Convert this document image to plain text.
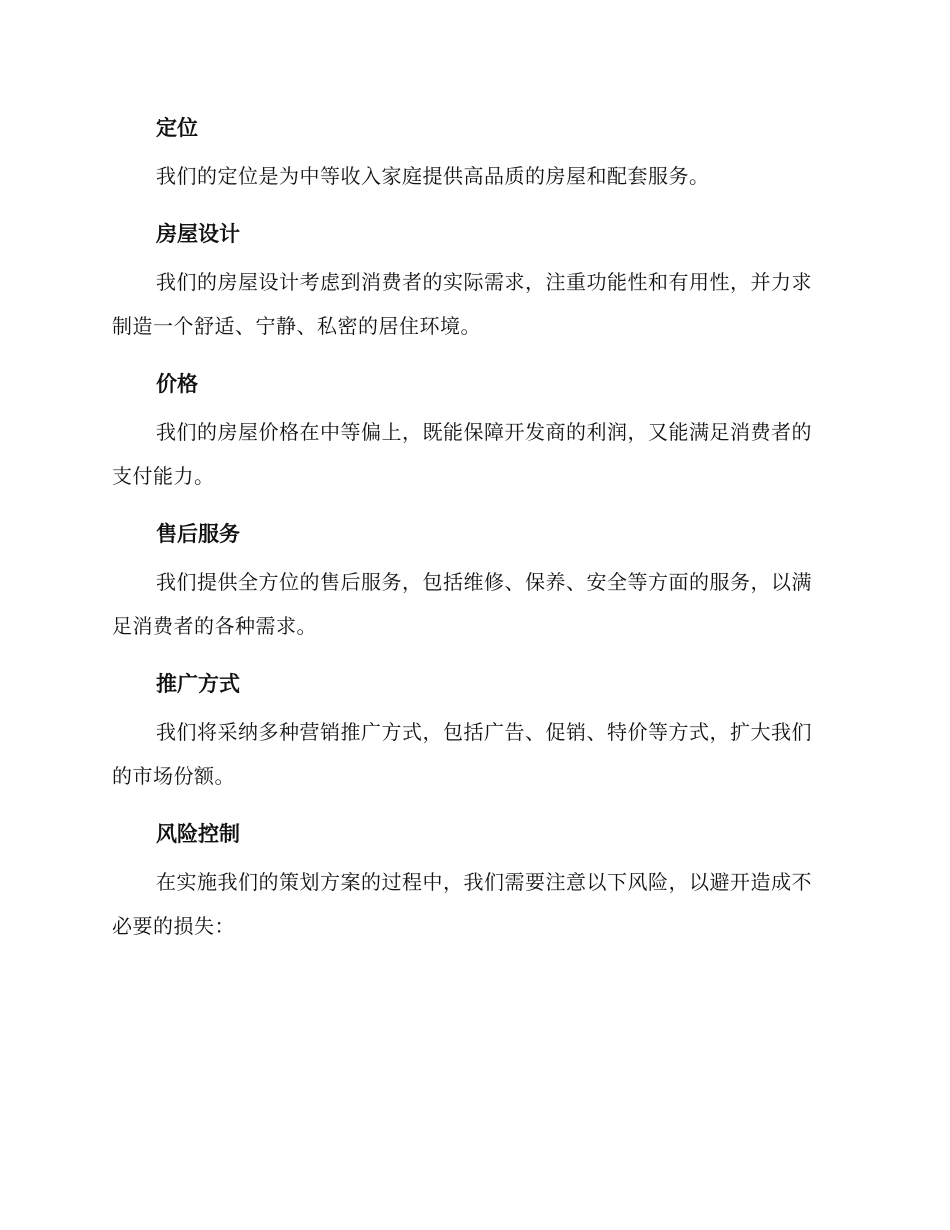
定位
我们的定位是为中等收入家庭提供高品质的房屋和配套服务。
房屋设计
我们的房屋设计考虑到消费者的实际需求，注重功能性和有用性，并力求制造一个舒适、宁静、私密的居住环境。
价格
我们的房屋价格在中等偏上，既能保障开发商的利润，又能满足消费者的支付能力。
售后服务
我们提供全方位的售后服务，包括维修、保养、安全等方面的服务，以满足消费者的各种需求。
推广方式
我们将采纳多种营销推广方式，包括广告、促销、特价等方式，扩大我们的市场份额。
风险控制
在实施我们的策划方案的过程中，我们需要注意以下风险，以避开造成不必要的损失：
